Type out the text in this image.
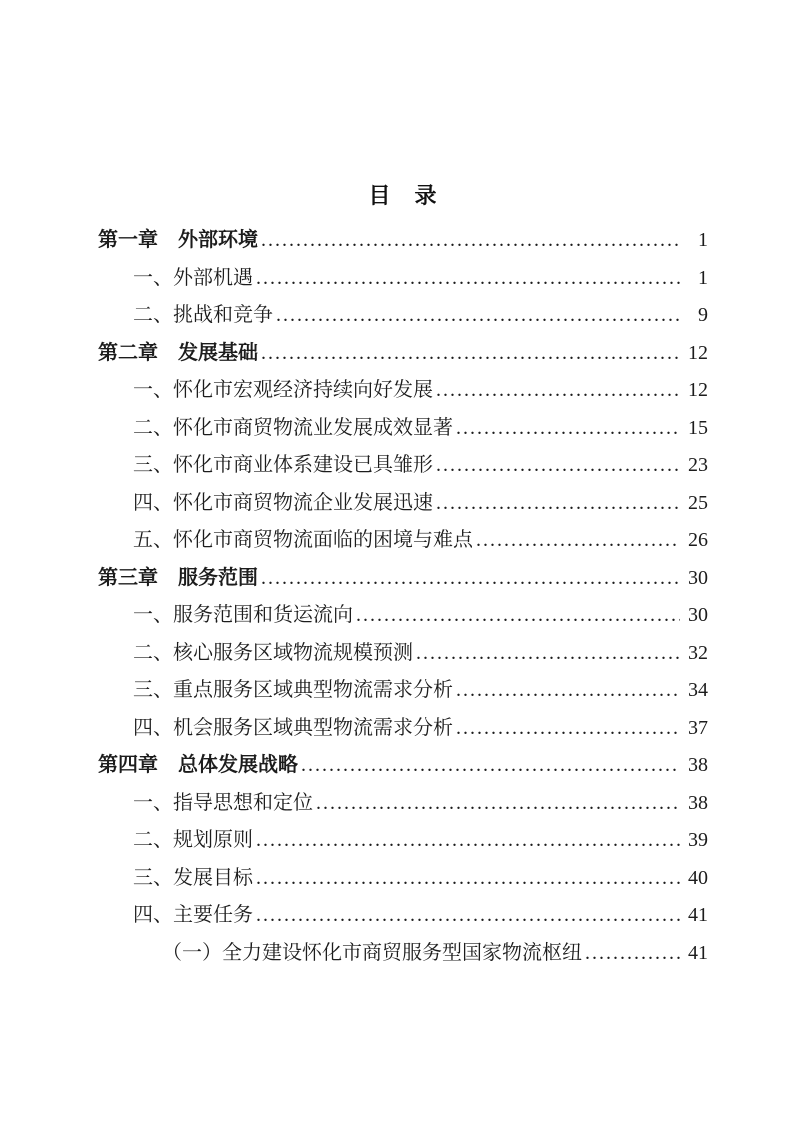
目　录
第一章　外部环境 .....	1
一、外部机遇 .....	1
二、挑战和竞争 .....	9
第二章　发展基础 .....	12
一、怀化市宏观经济持续向好发展 .....	12
二、怀化市商贸物流业发展成效显著 .....	15
三、怀化市商业体系建设已具雏形 .....	23
四、怀化市商贸物流企业发展迅速 .....	25
五、怀化市商贸物流面临的困境与难点 .....	26
第三章　服务范围 .....	30
一、服务范围和货运流向 .....	30
二、核心服务区域物流规模预测 .....	32
三、重点服务区域典型物流需求分析 .....	34
四、机会服务区域典型物流需求分析 .....	37
第四章　总体发展战略 .....	38
一、指导思想和定位 .....	38
二、规划原则 .....	39
三、发展目标 .....	40
四、主要任务 .....	41
（一）全力建设怀化市商贸服务型国家物流枢纽 .....	41
